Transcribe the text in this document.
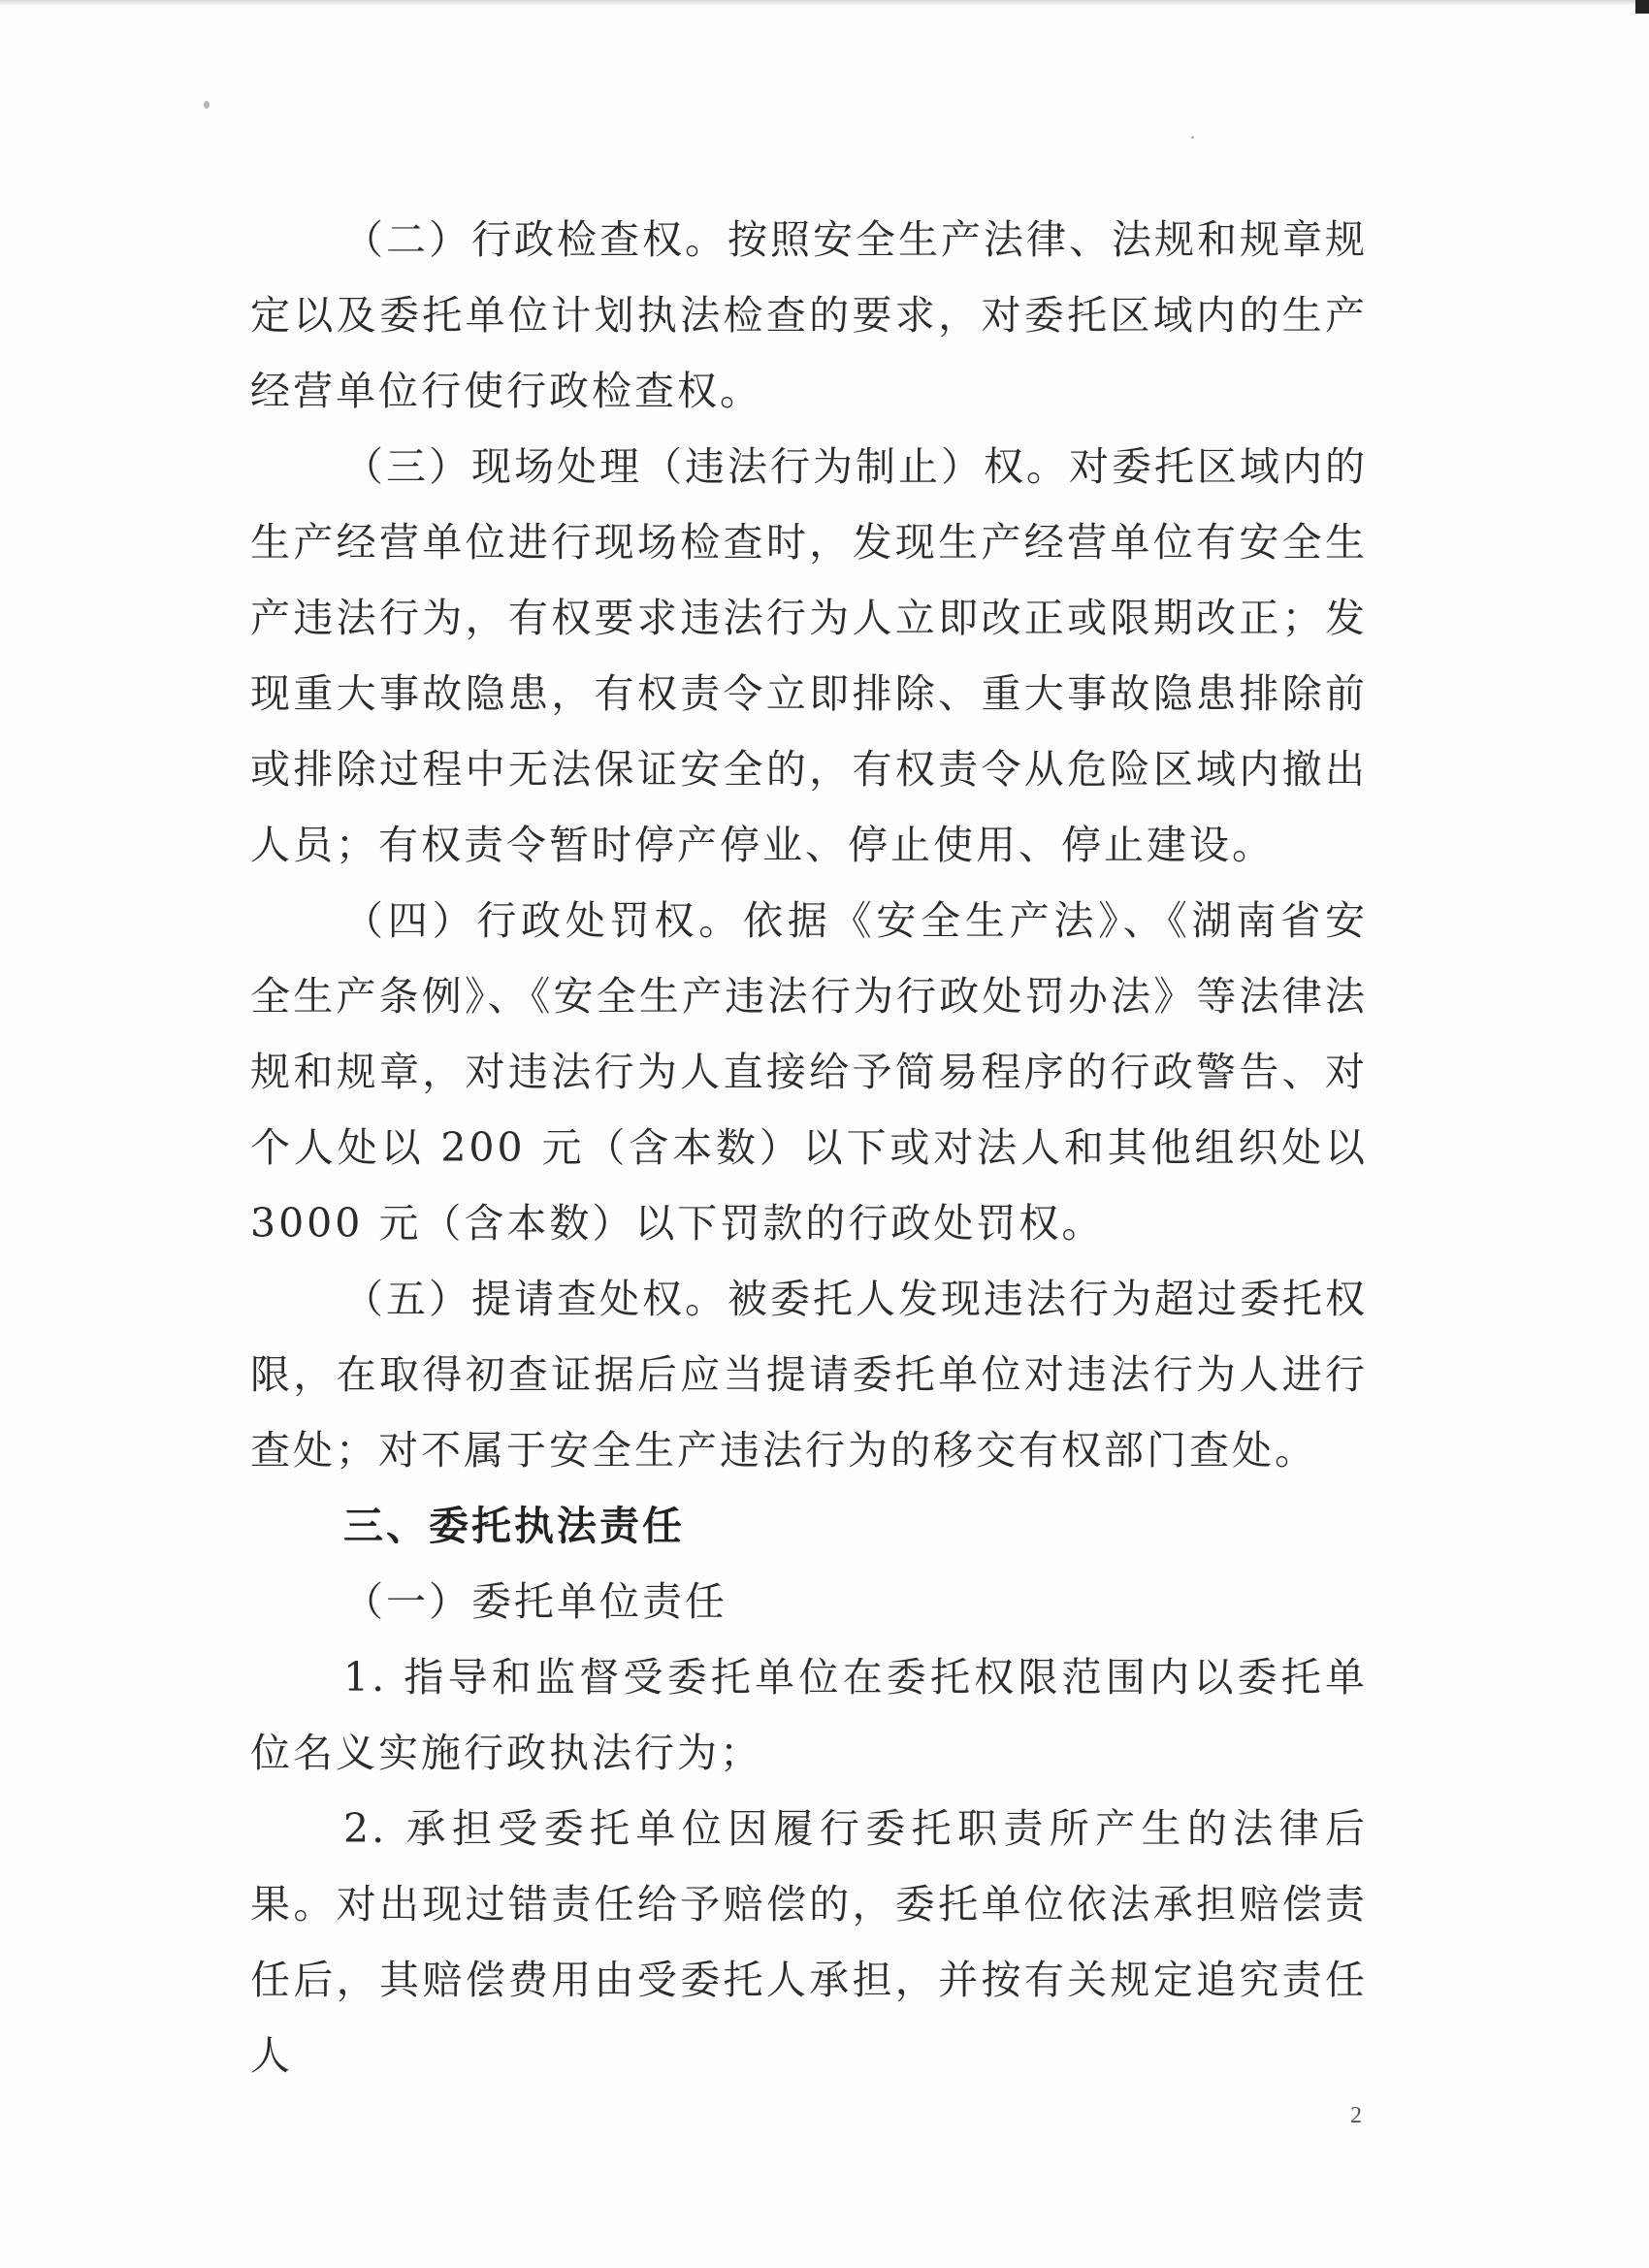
（二）行政检查权。按照安全生产法律、法规和规章规定以及委托单位计划执法检查的要求，对委托区域内的生产经营单位行使行政检查权。

（三）现场处理（违法行为制止）权。对委托区域内的生产经营单位进行现场检查时，发现生产经营单位有安全生产违法行为，有权要求违法行为人立即改正或限期改正；发现重大事故隐患，有权责令立即排除、重大事故隐患排除前或排除过程中无法保证安全的，有权责令从危险区域内撤出人员；有权责令暂时停产停业、停止使用、停止建设。

（四）行政处罚权。依据《安全生产法》、《湖南省安全生产条例》、《安全生产违法行为行政处罚办法》等法律法规和规章，对违法行为人直接给予简易程序的行政警告、对个人处以 200 元（含本数）以下或对法人和其他组织处以 3000 元（含本数）以下罚款的行政处罚权。

（五）提请查处权。被委托人发现违法行为超过委托权限，在取得初查证据后应当提请委托单位对违法行为人进行查处；对不属于安全生产违法行为的移交有权部门查处。

三、委托执法责任

（一）委托单位责任

1. 指导和监督受委托单位在委托权限范围内以委托单位名义实施行政执法行为；

2. 承担受委托单位因履行委托职责所产生的法律后果。对出现过错责任给予赔偿的，委托单位依法承担赔偿责任后，其赔偿费用由受委托人承担，并按有关规定追究责任人

2
